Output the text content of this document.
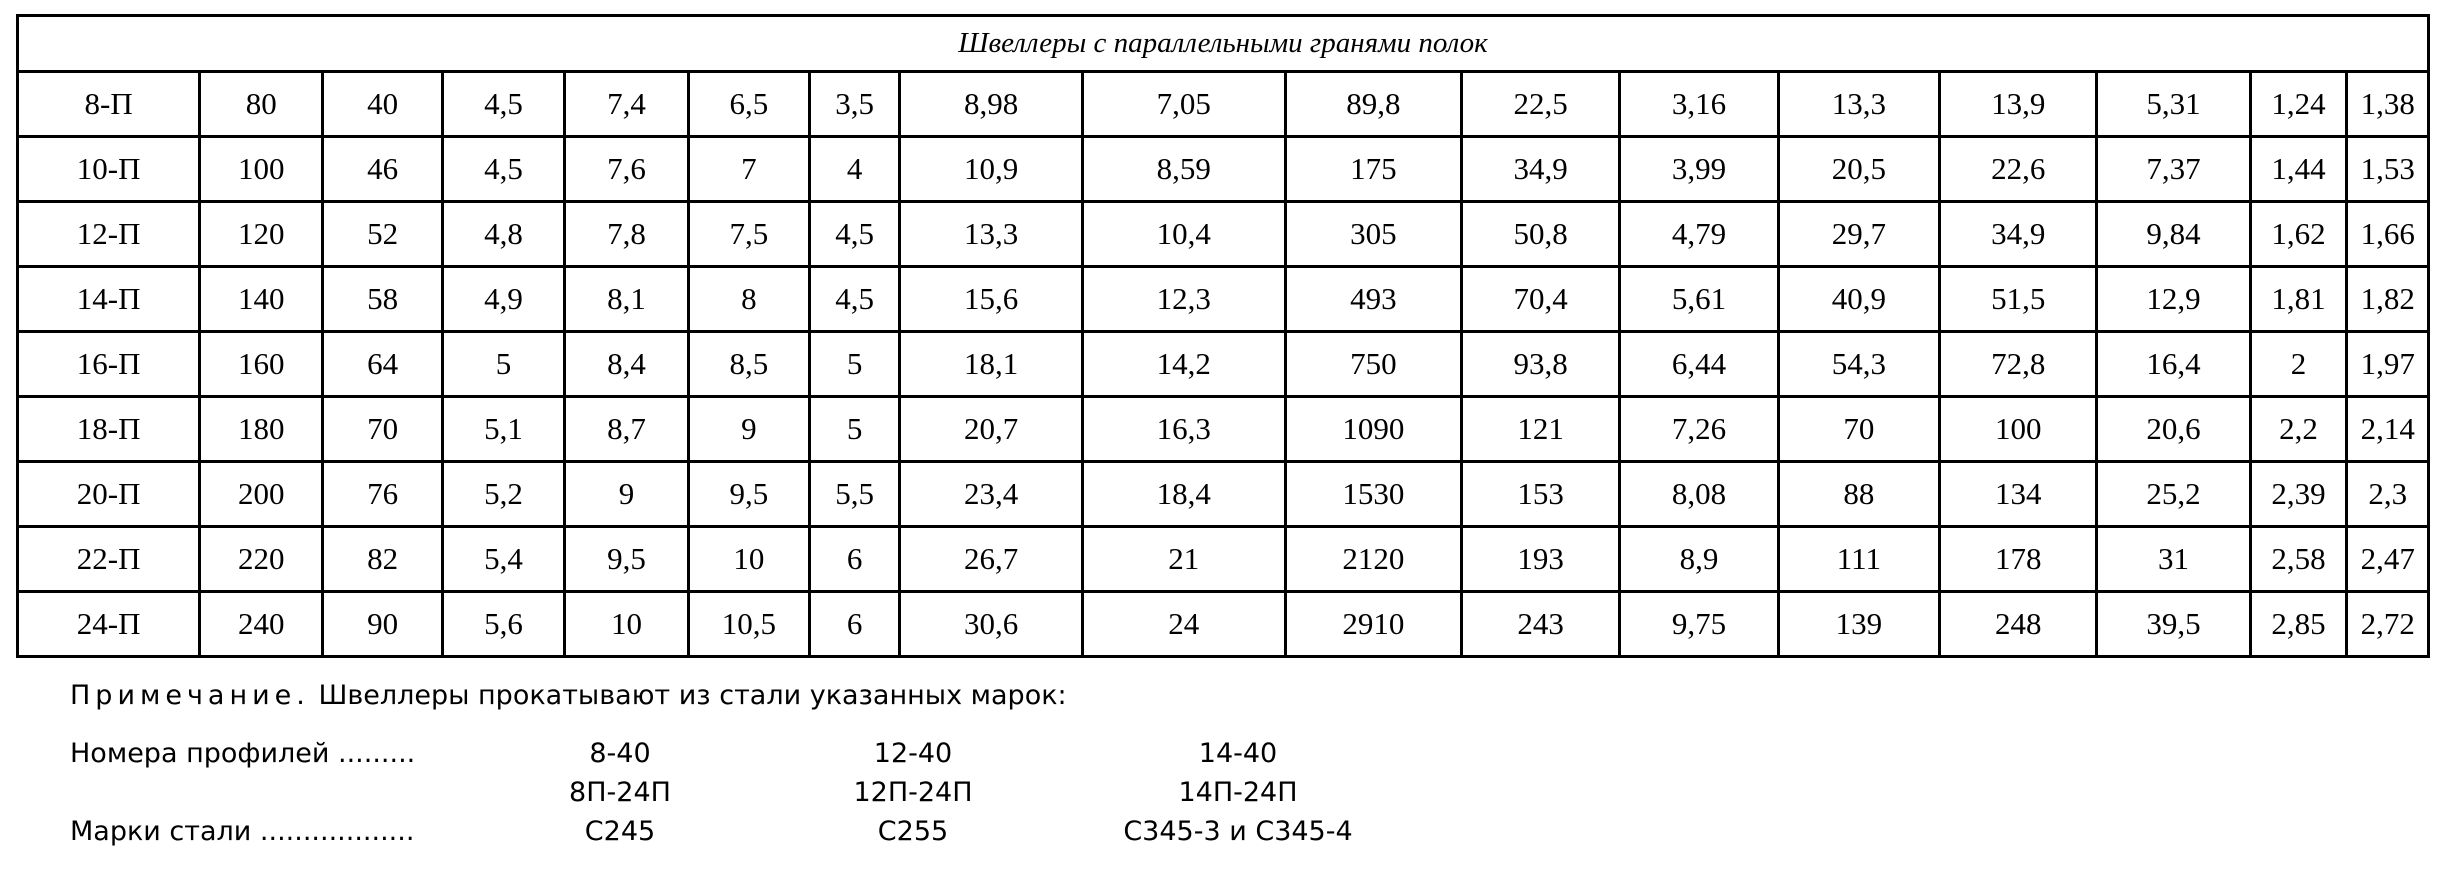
Швеллеры с параллельными гранями полок																
8-П	80	40	4,5	7,4	6,5	3,5	8,98	7,05	89,8	22,5	3,16	13,3	13,9	5,31	1,24	1,38
10-П	100	46	4,5	7,6	7	4	10,9	8,59	175	34,9	3,99	20,5	22,6	7,37	1,44	1,53
12-П	120	52	4,8	7,8	7,5	4,5	13,3	10,4	305	50,8	4,79	29,7	34,9	9,84	1,62	1,66
14-П	140	58	4,9	8,1	8	4,5	15,6	12,3	493	70,4	5,61	40,9	51,5	12,9	1,81	1,82
16-П	160	64	5	8,4	8,5	5	18,1	14,2	750	93,8	6,44	54,3	72,8	16,4	2	1,97
18-П	180	70	5,1	8,7	9	5	20,7	16,3	1090	121	7,26	70	100	20,6	2,2	2,14
20-П	200	76	5,2	9	9,5	5,5	23,4	18,4	1530	153	8,08	88	134	25,2	2,39	2,3
22-П	220	82	5,4	9,5	10	6	26,7	21	2120	193	8,9	111	178	31	2,58	2,47
24-П	240	90	5,6	10	10,5	6	30,6	24	2910	243	9,75	139	248	39,5	2,85	2,72
Примечание. Швеллеры прокатывают из стали указанных марок:
Номера профилей .........	8-40	12-40	14-40
8П-24П	12П-24П	14П-24П
Марки стали ..................	С245	С255	С345-3 и С345-4
